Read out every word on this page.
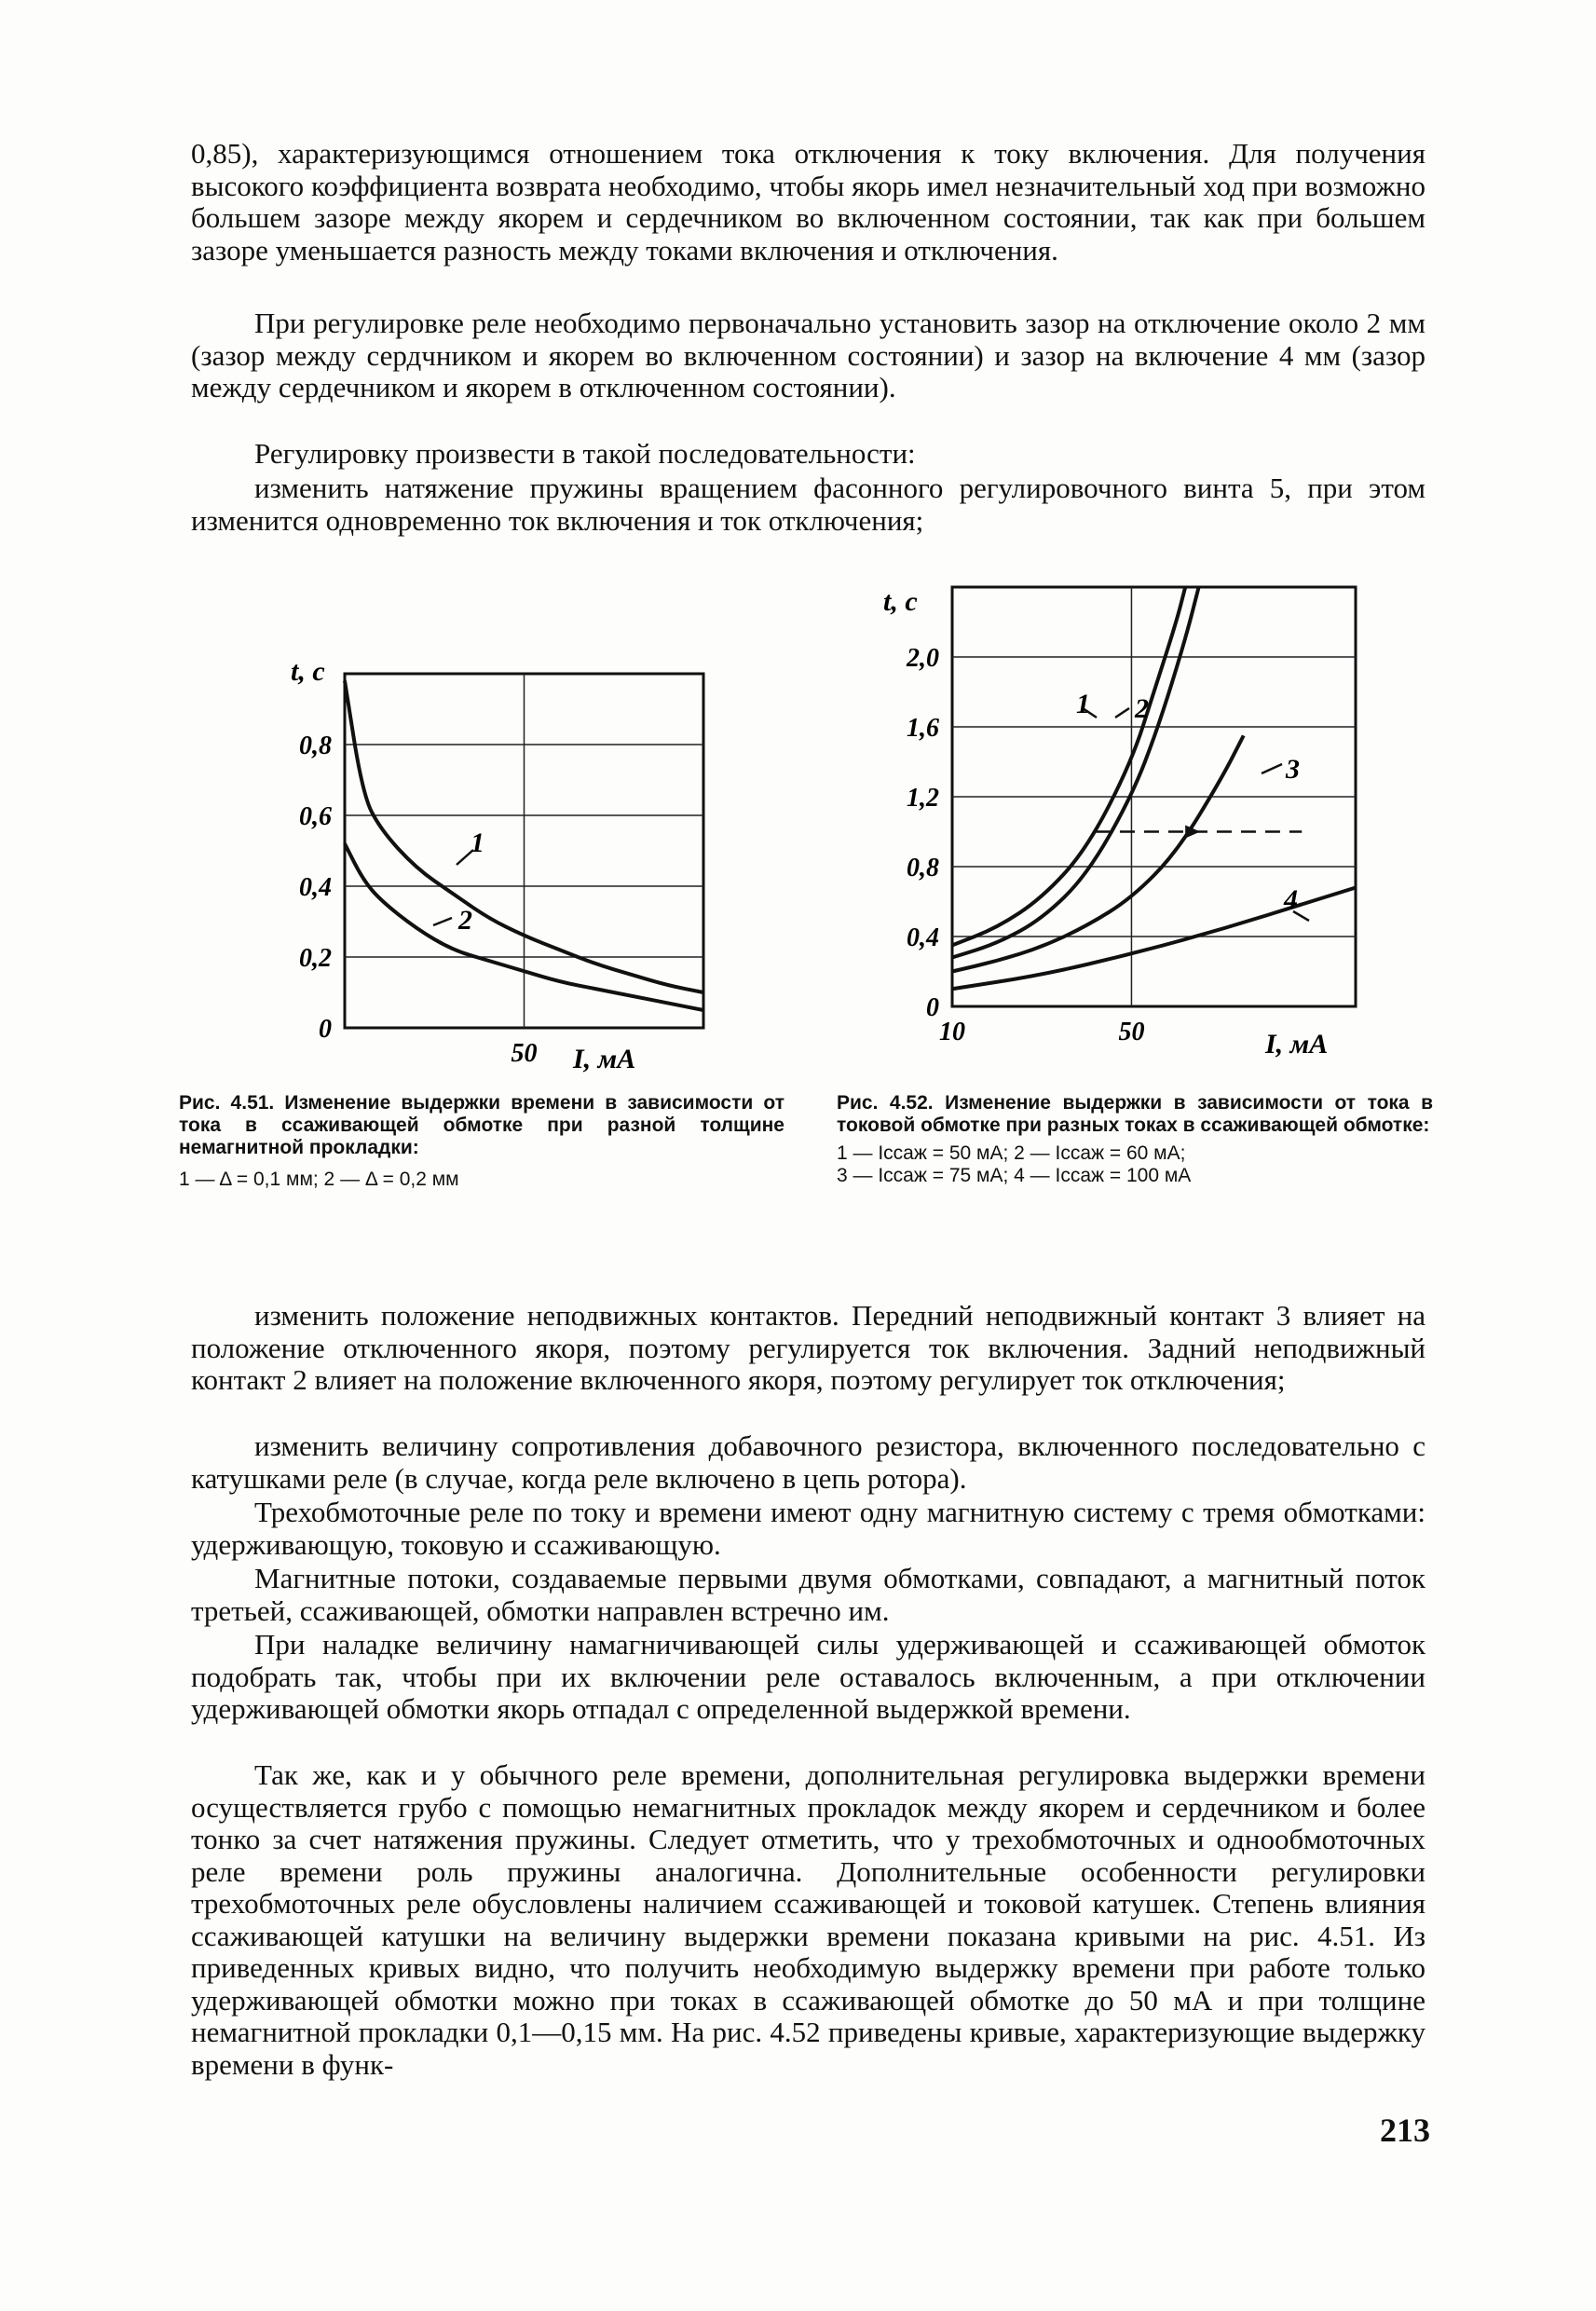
0,85), характеризующимся отношением тока отключения к току включения. Для получения высокого коэффициента возврата необходимо, чтобы якорь имел незначительный ход при возможно большем зазоре между якорем и сердечником во включенном состоянии, так как при большем зазоре уменьшается разность между токами включения и отключения.

При регулировке реле необходимо первоначально установить зазор на отключение около 2 мм (зазор между сердчником и якорем во включенном состоянии) и зазор на включение 4 мм (зазор между сердечником и якорем в отключенном состоянии).

Регулировку произвести в такой последовательности:

изменить натяжение пружины вращением фасонного регулировочного винта 5, при этом изменится одновременно ток включения и ток отключения;

0,8
0,6
0,4
0,2
0
50
1
2
t, c
I, мА
Рис. 4.51. Изменение выдержки времени в зависимости от тока в ссаживающей обмотке при разной толщине немагнитной прокладки:
1 — Δ = 0,1 мм; 2 — Δ = 0,2 мм
2,0
1,6
1,2
0,8
0,4
0
10	50
1 2
3
4
t, c
I, мА
Рис. 4.52. Изменение выдержки в зависимости от тока в токовой обмотке при разных токах в ссаживающей обмотке:
1 — Iссаж = 50 мА; 2 — Iссаж = 60 мА;
3 — Iссаж = 75 мА; 4 — Iссаж = 100 мА

изменить положение неподвижных контактов. Передний неподвижный контакт 3 влияет на положение отключенного якоря, поэтому регулируется ток включения. Задний неподвижный контакт 2 влияет на положение включенного якоря, поэтому регулирует ток отключения;

изменить величину сопротивления добавочного резистора, включенного последовательно с катушками реле (в случае, когда реле включено в цепь ротора).

Трехобмоточные реле по току и времени имеют одну магнитную систему с тремя обмотками: удерживающую, токовую и ссаживающую.

Магнитные потоки, создаваемые первыми двумя обмотками, совпадают, а магнитный поток третьей, ссаживающей, обмотки направлен встречно им.

При наладке величину намагничивающей силы удерживающей и ссаживающей обмоток подобрать так, чтобы при их включении реле оставалось включенным, а при отключении удерживающей обмотки якорь отпадал с определенной выдержкой времени.

Так же, как и у обычного реле времени, дополнительная регулировка выдержки времени осуществляется грубо с помощью немагнитных прокладок между якорем и сердечником и более тонко за счет натяжения пружины. Следует отметить, что у трехобмоточных и однообмоточных реле времени роль пружины аналогична. Дополнительные особенности регулировки трехобмоточных реле обусловлены наличием ссаживающей и токовой катушек. Степень влияния ссаживающей катушки на величину выдержки времени показана кривыми на рис. 4.51. Из приведенных кривых видно, что получить необходимую выдержку времени при работе только удерживающей обмотки можно при токах в ссаживающей обмотке до 50 мА и при толщине немагнитной прокладки 0,1—0,15 мм. На рис. 4.52 приведены кривые, характеризующие выдержку времени в функ-

213
